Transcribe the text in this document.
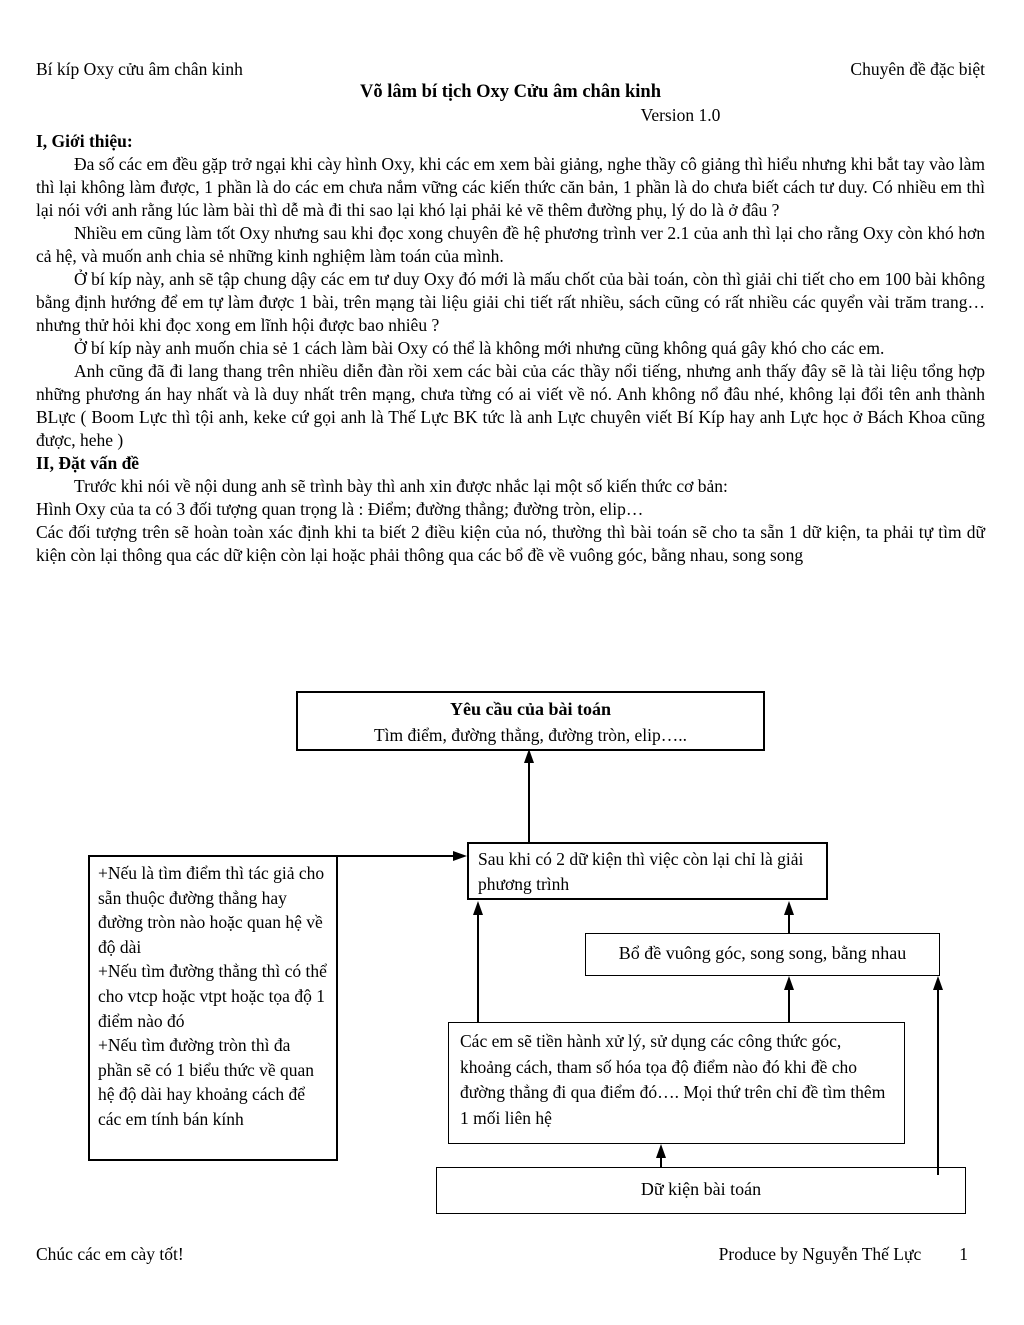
Bí kíp Oxy cửu âm chân kinh	Chuyên đề đặc biệt
Võ lâm bí tịch Oxy Cửu âm chân kinh
Version 1.0
I, Giới thiệu:
Đa số các em đều gặp trở ngại khi cày hình Oxy, khi các em xem bài giảng, nghe thầy cô giảng thì hiểu nhưng khi bắt tay vào làm thì lại không làm được, 1 phần là do các em chưa nắm vững các kiến thức căn bản, 1 phần là do chưa biết cách tư duy. Có nhiều em thì lại nói với anh rằng lúc làm bài thì dễ mà đi thi sao lại khó lại phải kẻ vẽ thêm đường phụ, lý do là ở đâu ?
Nhiều em cũng làm tốt Oxy nhưng sau khi đọc xong chuyên đề hệ phương trình ver 2.1 của anh thì lại cho rằng Oxy còn khó hơn cả hệ, và muốn anh chia sẻ những kinh nghiệm làm toán của mình.
Ở bí kíp này, anh sẽ tập chung dậy các em tư duy Oxy đó mới là mấu chốt của bài toán, còn thì giải chi tiết cho em 100 bài không bằng định hướng để em tự làm được 1 bài, trên mạng tài liệu giải chi tiết rất nhiều, sách cũng có rất nhiều các quyển vài trăm trang… nhưng thử hỏi khi đọc xong em lĩnh hội được bao nhiêu ?
Ở bí kíp này anh muốn chia sẻ 1 cách làm bài Oxy có thể là không mới nhưng cũng không quá gây khó cho các em.
Anh cũng đã đi lang thang trên nhiều diễn đàn rồi xem các bài của các thầy nổi tiếng, nhưng anh thấy đây sẽ là tài liệu tổng hợp những phương án hay nhất và là duy nhất trên mạng, chưa từng có ai viết về nó. Anh không nổ đâu nhé, không lại đổi tên anh thành BLực ( Boom Lực thì tội anh, keke cứ gọi anh là Thế Lực BK tức là anh Lực chuyên viết Bí Kíp hay anh Lực học ở Bách Khoa cũng được, hehe )
II, Đặt vấn đề
Trước khi nói về nội dung anh sẽ trình bày thì anh xin được nhắc lại một số kiến thức cơ bản:
Hình Oxy của ta có 3 đối tượng quan trọng là : Điểm; đường thẳng; đường tròn, elip…
Các đối tượng trên sẽ hoàn toàn xác định khi ta biết 2 điều kiện của nó, thường thì bài toán sẽ cho ta sẵn 1 dữ kiện, ta phải tự tìm dữ kiện còn lại thông qua các dữ kiện còn lại hoặc phải thông qua các bổ đề về vuông góc, bằng nhau, song song
Yêu cầu của bài toán
Tìm điểm, đường thẳng, đường tròn, elip…..
Sau khi có 2 dữ kiện thì việc còn lại chỉ là giải phương trình
+Nếu là tìm điểm thì tác giả cho sẵn thuộc đường thẳng hay đường tròn nào hoặc quan hệ về độ dài
+Nếu tìm đường thẳng thì có thể cho vtcp hoặc vtpt hoặc tọa độ 1 điểm nào đó
+Nếu tìm đường tròn thì đa phần sẽ có 1 biểu thức về quan hệ độ dài hay khoảng cách để các em tính bán kính
Bổ đề vuông góc, song song, bằng nhau
Các em sẽ tiền hành xử lý, sử dụng các công thức góc, khoảng cách, tham số hóa tọa độ điểm nào đó khi đề cho đường thẳng đi qua điểm đó…. Mọi thứ trên chỉ đề tìm thêm 1 mối liên hệ
Dữ kiện bài toán
Chúc các em cày tốt!	Produce by Nguyễn Thế Lực 1
